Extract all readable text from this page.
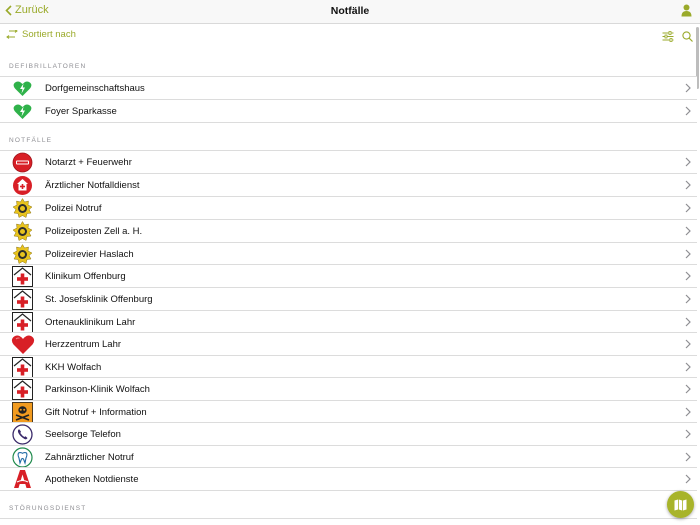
Zurück	Notfälle
Sortiert nach
DEFIBRILLATOREN
Dorfgemeinschaftshaus
Foyer Sparkasse
NOTFÄLLE
Notarzt + Feuerwehr
Ärztlicher Notfalldienst
Polizei Notruf
Polizeiposten Zell a. H.
Polizeirevier Haslach
Klinikum Offenburg
St. Josefsklinik Offenburg
Ortenauklinikum Lahr
Herzzentrum Lahr
KKH Wolfach
Parkinson-Klinik Wolfach
Gift Notruf + Information
Seelsorge Telefon
Zahnärztlicher Notruf
Apotheken Notdienste
STÖRUNGSDIENST
